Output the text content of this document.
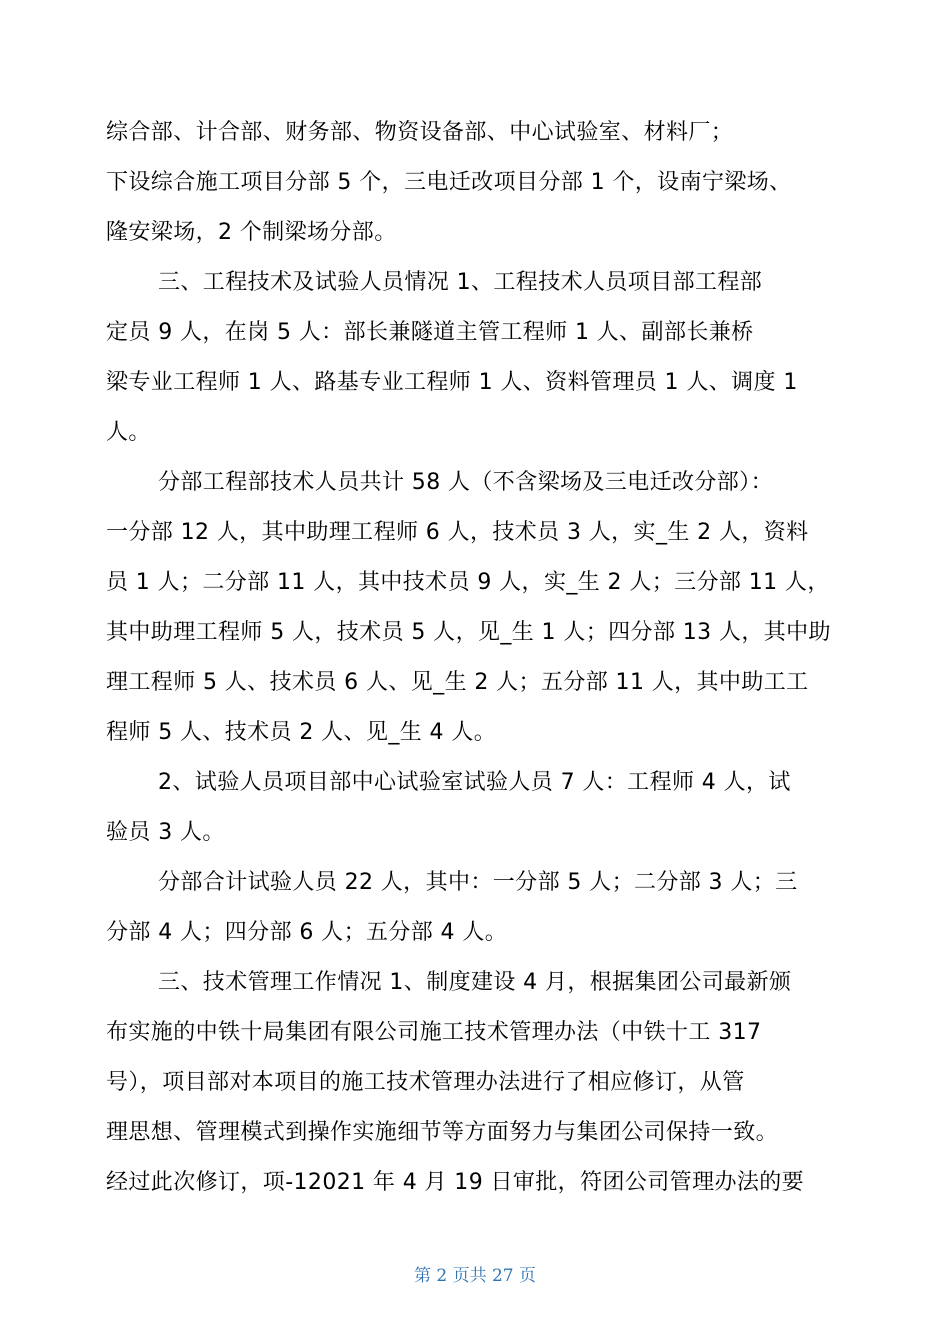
综合部、计合部、财务部、物资设备部、中心试验室、材料厂；
下设综合施工项目分部 5 个，三电迁改项目分部 1 个，设南宁梁场、
隆安梁场，2 个制梁场分部。
三、工程技术及试验人员情况 1、工程技术人员项目部工程部
定员 9 人，在岗 5 人：部长兼隧道主管工程师 1 人、副部长兼桥
梁专业工程师 1 人、路基专业工程师 1 人、资料管理员 1 人、调度 1
人。
分部工程部技术人员共计 58 人（不含梁场及三电迁改分部）：
一分部 12 人，其中助理工程师 6 人，技术员 3 人，实_生 2 人，资料
员 1 人；二分部 11 人，其中技术员 9 人，实_生 2 人；三分部 11 人，
其中助理工程师 5 人，技术员 5 人，见_生 1 人；四分部 13 人，其中助
理工程师 5 人、技术员 6 人、见_生 2 人；五分部 11 人，其中助工工
程师 5 人、技术员 2 人、见_生 4 人。
2、试验人员项目部中心试验室试验人员 7 人：工程师 4 人，试
验员 3 人。
分部合计试验人员 22 人，其中：一分部 5 人；二分部 3 人；三
分部 4 人；四分部 6 人；五分部 4 人。
三、技术管理工作情况 1、制度建设 4 月，根据集团公司最新颁
布实施的中铁十局集团有限公司施工技术管理办法（中铁十工 317
号），项目部对本项目的施工技术管理办法进行了相应修订，从管
理思想、管理模式到操作实施细节等方面努力与集团公司保持一致。
经过此次修订，项-12021 年 4 月 19 日审批，符团公司管理办法的要
第 2 页共 27 页
